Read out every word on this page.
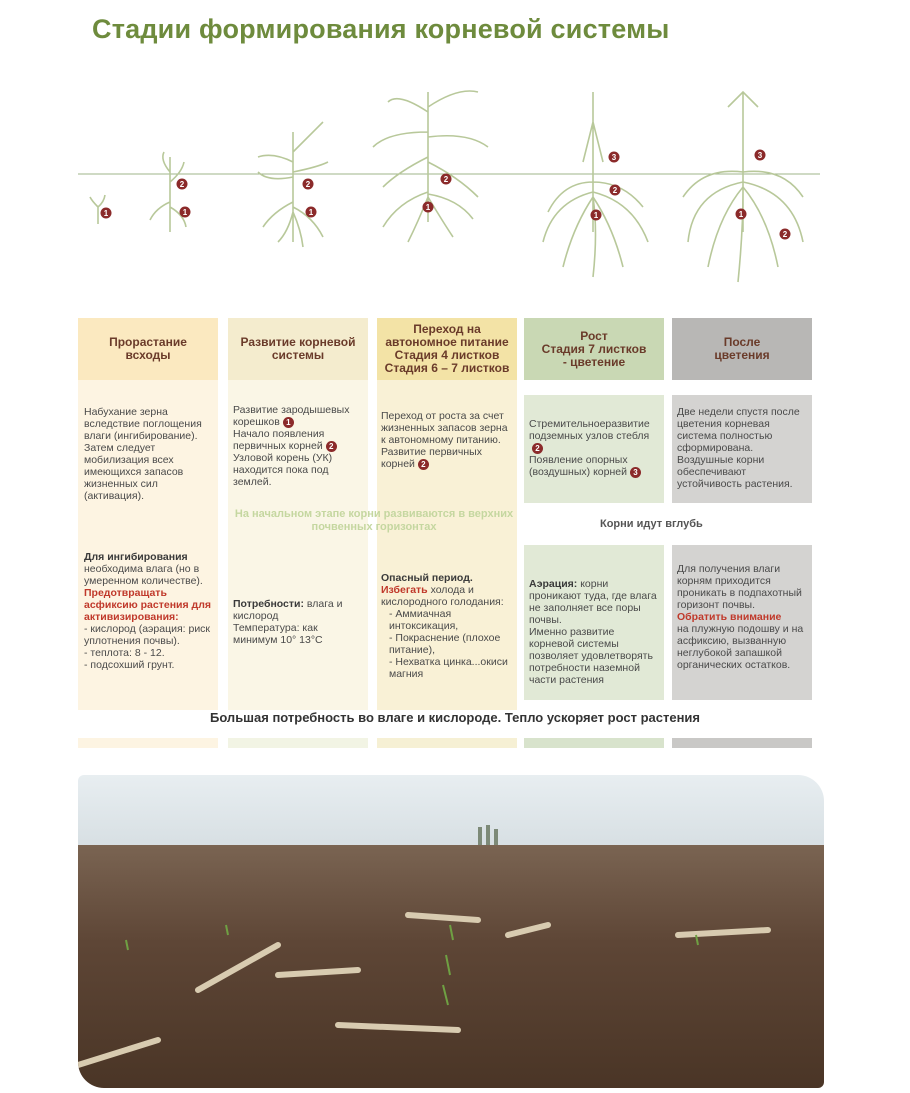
Стадии формирования корневой системы
1
2
1
2
1
2
1
3
2
1
3
1
2
Прорастание
всходы
Развитие корневой
системы
Переход на
автономное питание
Стадия 4 листков
Стадия 6 – 7 листков
Рост
Стадия 7 листков
- цветение
После
цветения
Набухание зерна вследствие поглощения влаги (ингибирование). Затем следует мобилизация всех имеющихся запасов жизненных сил (активация).
Развитие зародышевых корешков 1
Начало появления первичных корней 2
Узловой корень (УК) находится пока под землей.
Переход от роста за счет жизненных запасов зерна к автономному питанию.
Развитие первичных корней 2
Стремительноеразвитие подземных узлов стебля2
Появление опорных (воздушных) корней 3
Две недели спустя после цветения корневая система полностью сформирована. Воздушные корни обеспечивают устойчивость растения.
На начальном этапе корни развиваются в верхних почвенных горизонтах	Корни идут вглубь
Для ингибирования
необходима влага (но в умеренном количестве).
Предотвращать асфиксию растения для активизирования:
- кислород (аэрация: риск уплотнения почвы).
- теплота: 8 - 12.
- подсохший грунт.
Потребности: влага и кислород
Температура: как минимум 10° 13°С
Опасный период.
Избегать холода и кислородного голодания:
- Аммиачная интоксикация,
- Покраснение (плохое питание),
- Нехватка цинка...окиси магния
Аэрация: корни проникают туда, где влага не заполняет все поры почвы.
Именно развитие корневой системы позволяет удовлетворять потребности наземной части растения
Для получения влаги корням приходится проникать в подпахотный горизонт почвы.
Обратить внимание
на плужную подошву и на асфиксию, вызванную неглубокой запашкой органических остатков.
Большая потребность во влаге и кислороде. Тепло ускоряет рост растения
